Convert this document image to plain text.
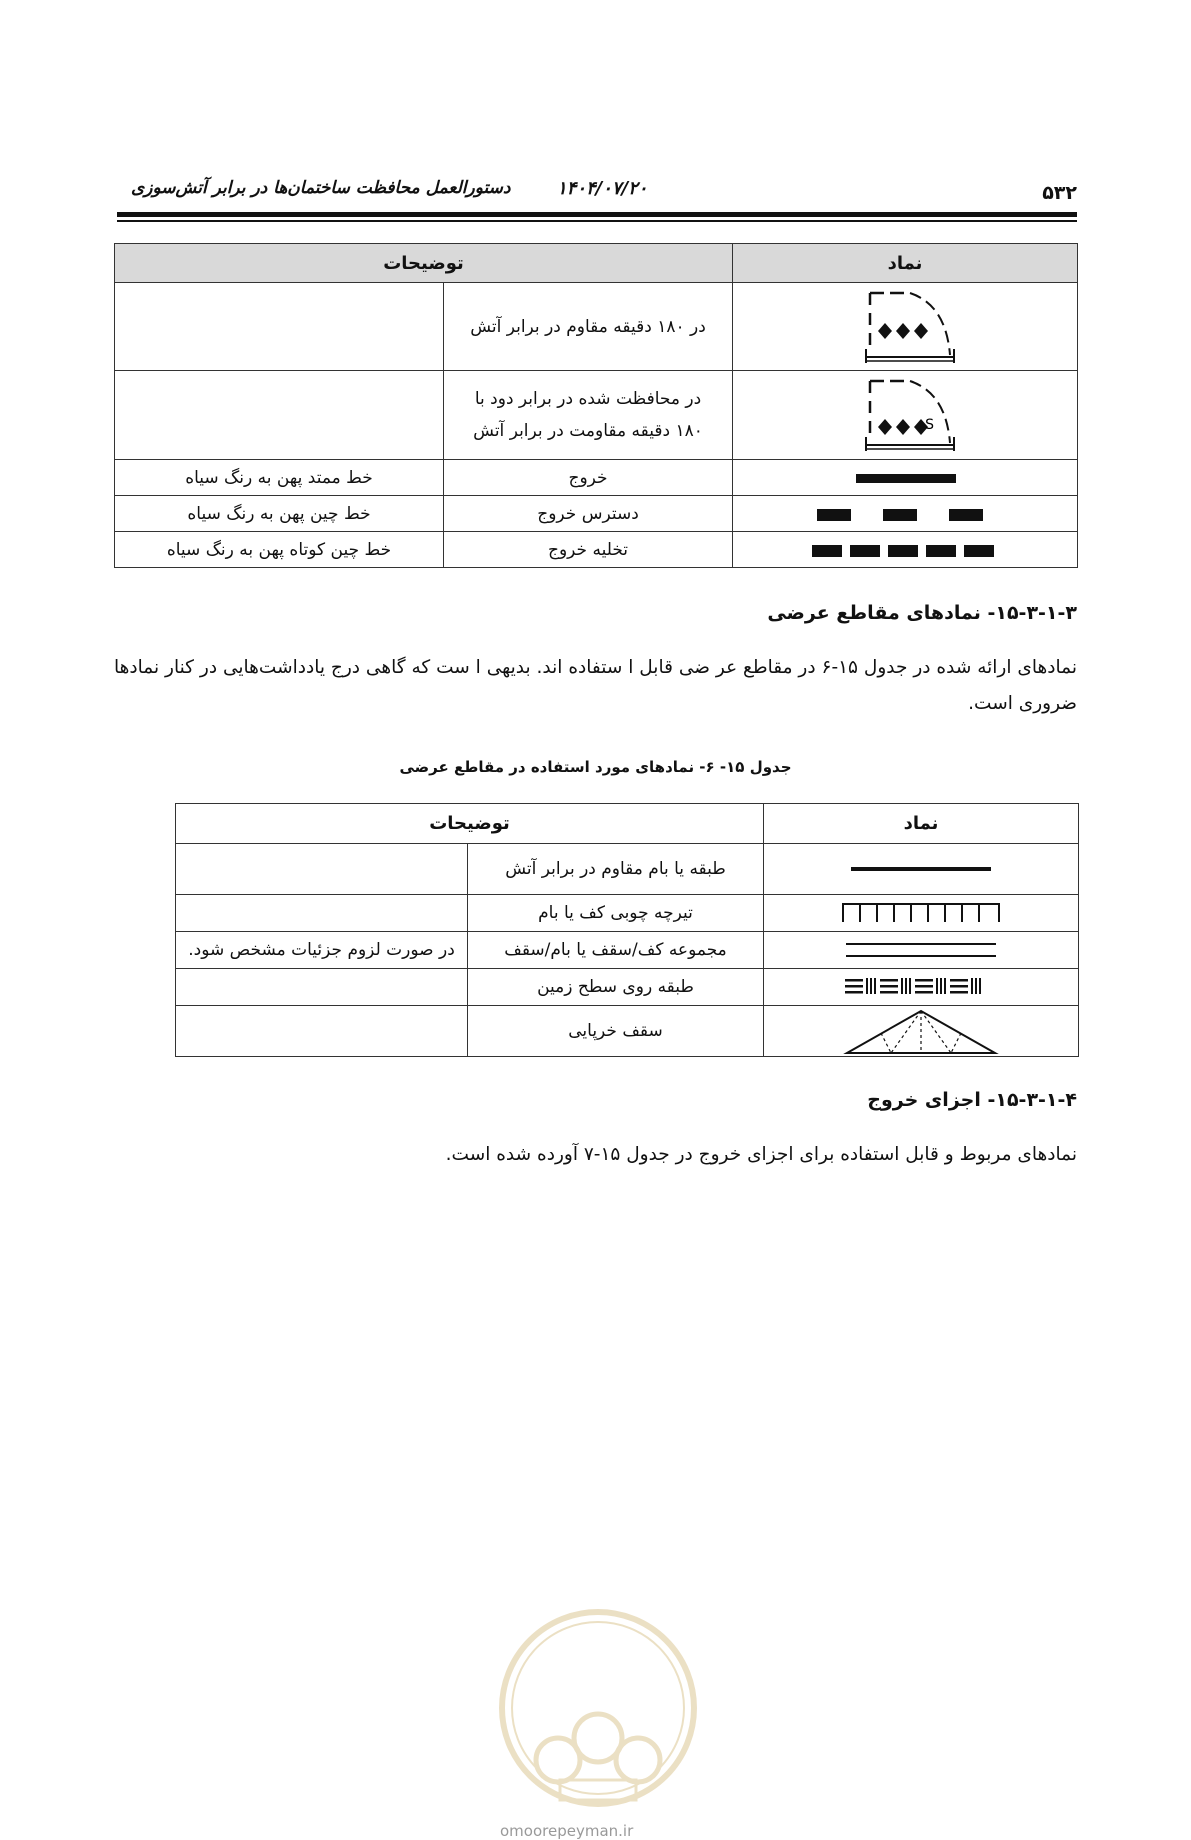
۵۳۲
۱۴۰۴/۰۷/۲۰
دستورالعمل محافظت ساختمان‌ها در برابر آتش‌سوزی
نماد	توضیحات	

	در ۱۸۰ دقیقه مقاوم در برابر آتش	

S	در محافظت شده در برابر دود با
۱۸۰ دقیقه مقاومت در برابر آتش	

	خروج	خط ممتد پهن به رنگ سیاه

	دسترس خروج	خط چین پهن به رنگ سیاه

	تخلیه خروج	خط چین کوتاه پهن به رنگ سیاه
۱۵-۳-۱-۳- نمادهای مقاطع عرضی
نمادهای ارائه شده در جدول ۱۵-۶ در مقاطع عر ضی قابل ا ستفاده اند. بدیهی ا ست که گاهی درج یادداشت‌هایی در کنار نمادها ضروری است.
جدول ۱۵- ۶- نمادهای مورد استفاده در مقاطع عرضی
نماد	توضیحات	

	طبقه یا بام مقاوم در برابر آتش	

	تیرچه چوبی کف یا بام	

	مجموعه کف/سقف یا بام/سقف	در صورت لزوم جزئیات مشخص شود.

	طبقه روی سطح زمین	

	سقف خرپایی	
۱۵-۳-۱-۴- اجزای خروج
نمادهای مربوط و قابل استفاده برای اجزای خروج در جدول ۱۵-۷ آورده شده است.
omoorepeyman.ir
